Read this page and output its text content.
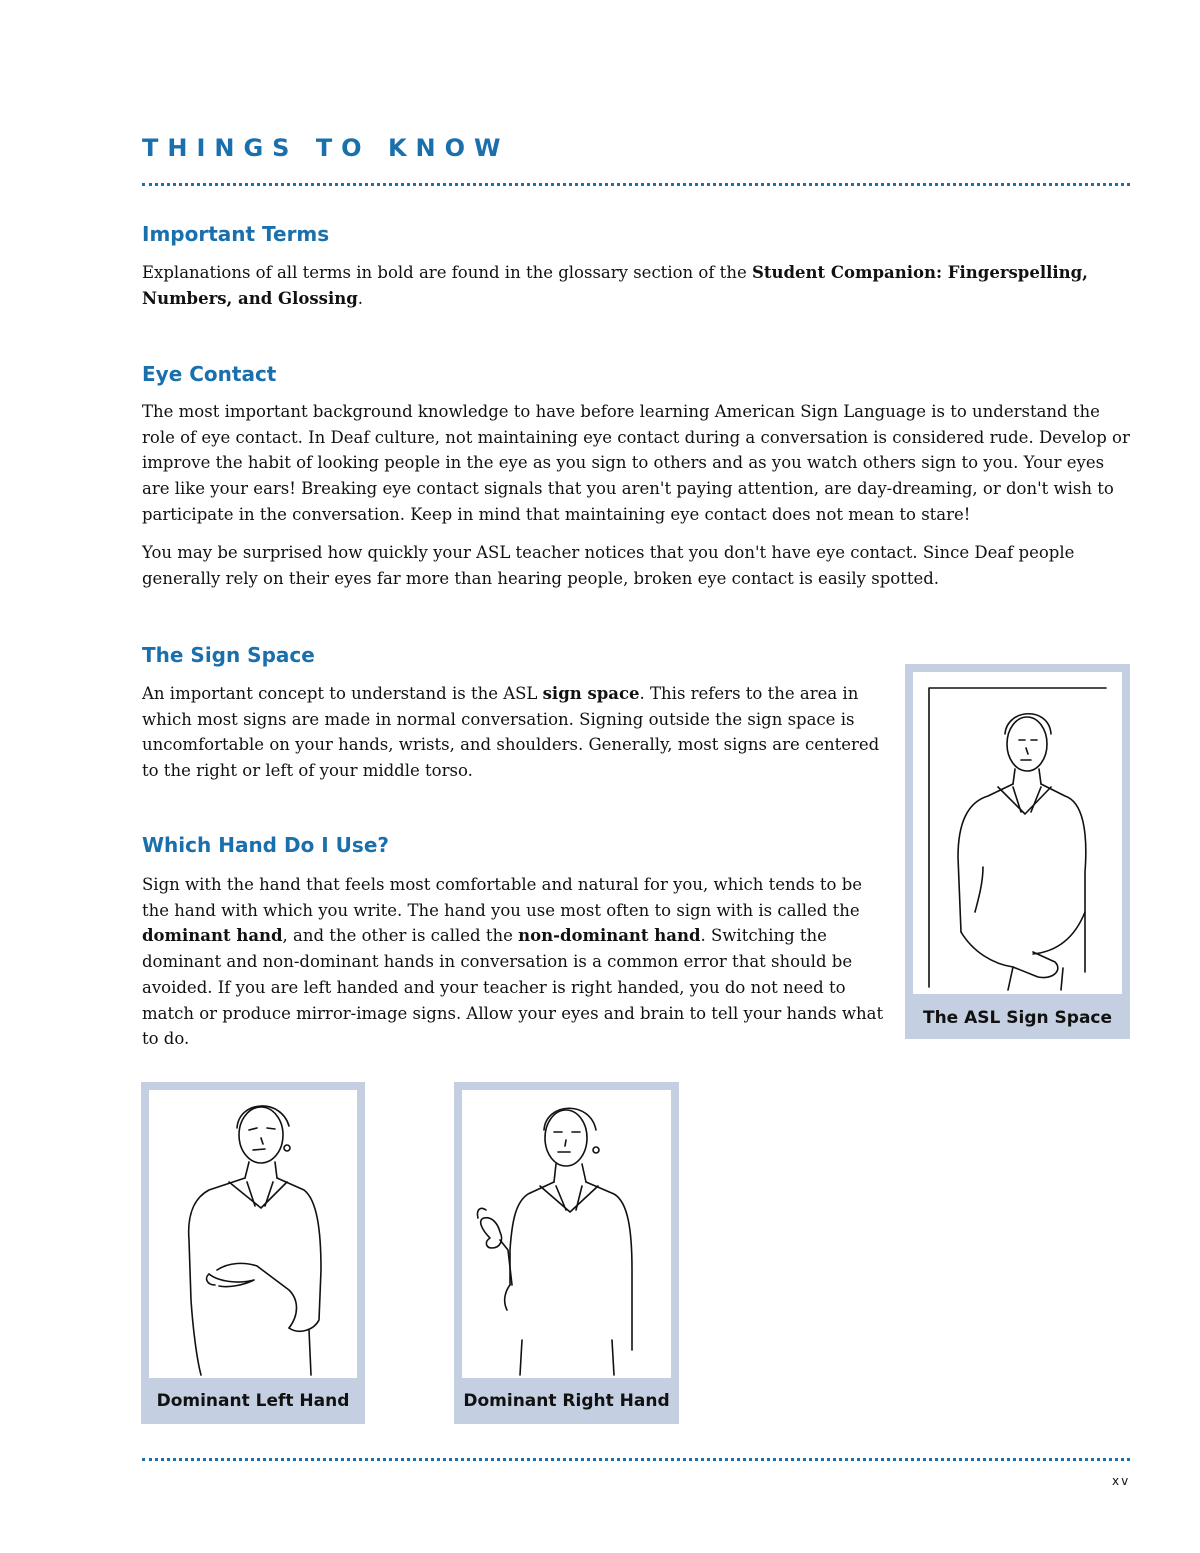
THINGS TO KNOW
Important Terms

Explanations of all terms in bold are found in the glossary section of the Student Companion: Fingerspelling, Numbers, and Glossing.

Eye Contact

The most important background knowledge to have before learning American Sign Language is to understand the role of eye contact. In Deaf culture, not maintaining eye contact during a conversation is considered rude. Develop or improve the habit of looking people in the eye as you sign to others and as you watch others sign to you. Your eyes are like your ears! Breaking eye contact signals that you aren't paying attention, are day-dreaming, or don't wish to participate in the conversation. Keep in mind that maintaining eye contact does not mean to stare!

You may be surprised how quickly your ASL teacher notices that you don't have eye contact. Since Deaf people generally rely on their eyes far more than hearing people, broken eye contact is easily spotted.

The Sign Space

An important concept to understand is the ASL sign space. This refers to the area in which most signs are made in normal conversation. Signing outside the sign space is uncomfortable on your hands, wrists, and shoulders. Generally, most signs are centered to the right or left of your middle torso.

Which Hand Do I Use?

Sign with the hand that feels most comfortable and natural for you, which tends to be the hand with which you write. The hand you use most often to sign with is called the dominant hand, and the other is called the non-dominant hand. Switching the dominant and non-dominant hands in conversation is a common error that should be avoided. If you are left handed and your teacher is right handed, you do not need to match or produce mirror-image signs. Allow your eyes and brain to tell your hands what to do.

The ASL Sign Space
Dominant Left Hand	Dominant Right Hand
xv
